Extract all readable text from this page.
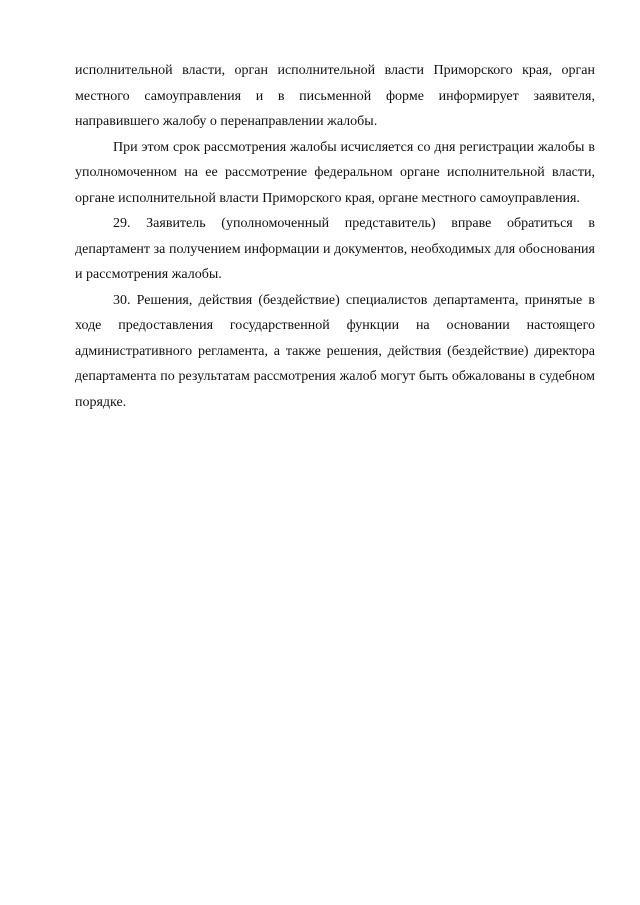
исполнительной власти, орган исполнительной власти Приморского края, орган местного самоуправления и в письменной форме информирует заявителя, направившего жалобу о перенаправлении жалобы.

При этом срок рассмотрения жалобы исчисляется со дня регистрации жалобы в уполномоченном на ее рассмотрение федеральном органе исполнительной власти, органе исполнительной власти Приморского края, органе местного самоуправления.

29. Заявитель (уполномоченный представитель) вправе обратиться в департамент за получением информации и документов, необходимых для обоснования и рассмотрения жалобы.

30. Решения, действия (бездействие) специалистов департамента, принятые в ходе предоставления государственной функции на основании настоящего административного регламента, а также решения, действия (бездействие) директора департамента по результатам рассмотрения жалоб могут быть обжалованы в судебном порядке.
